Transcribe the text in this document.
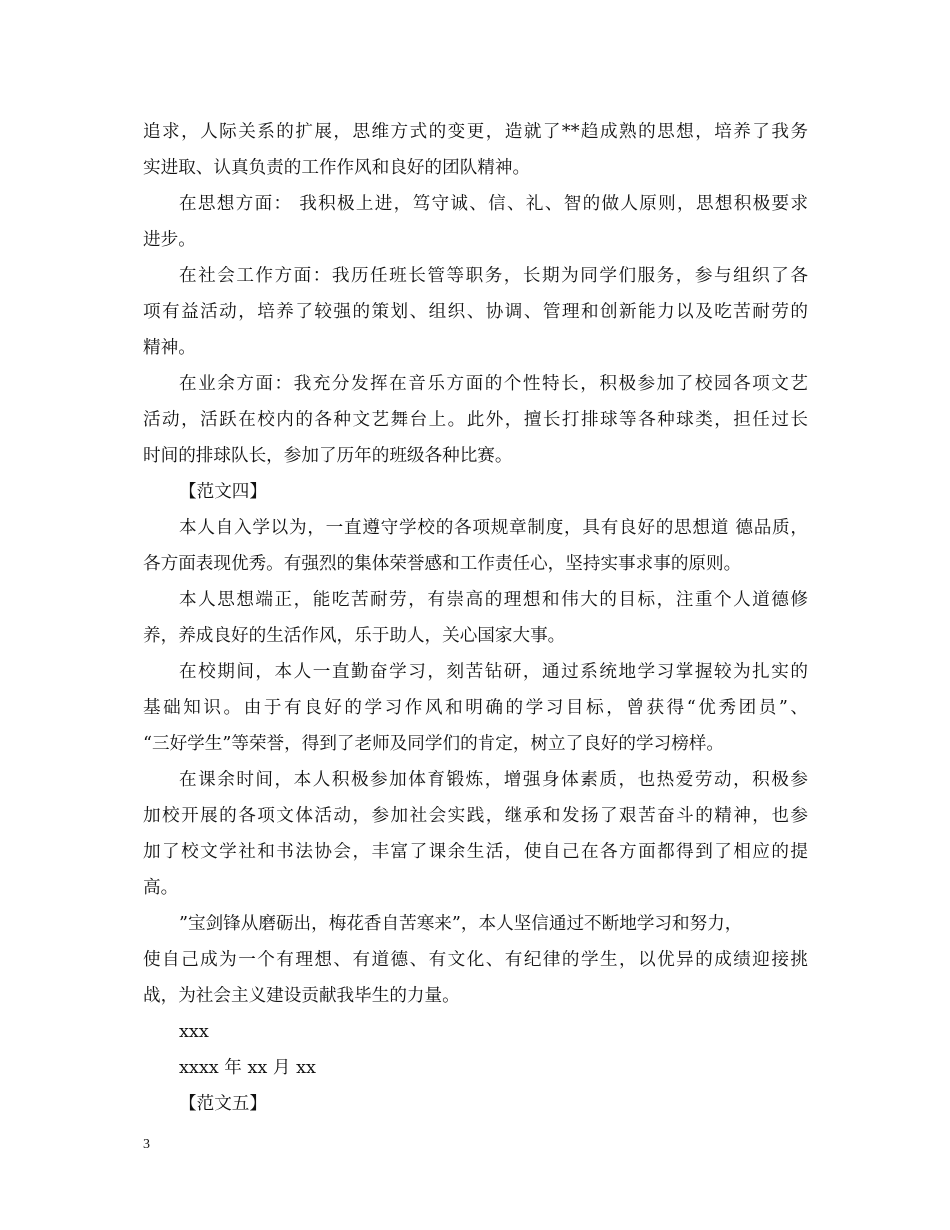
追求，人际关系的扩展，思维方式的变更，造就了**趋成熟的思想，培养了我务
实进取、认真负责的工作作风和良好的团队精神。
在思想方面： 我积极上进，笃守诚、信、礼、智的做人原则，思想积极要求
进步。
在社会工作方面：我历任班长管等职务，长期为同学们服务，参与组织了各
项有益活动，培养了较强的策划、组织、协调、管理和创新能力以及吃苦耐劳的
精神。
在业余方面：我充分发挥在音乐方面的个性特长，积极参加了校园各项文艺
活动，活跃在校内的各种文艺舞台上。此外，擅长打排球等各种球类，担任过长
时间的排球队长，参加了历年的班级各种比赛。
【范文四】
本人自入学以为，一直遵守学校的各项规章制度，具有良好的思想道 德品质，
各方面表现优秀。有强烈的集体荣誉感和工作责任心，坚持实事求事的原则。
本人思想端正，能吃苦耐劳，有崇高的理想和伟大的目标，注重个人道德修
养，养成良好的生活作风，乐于助人，关心国家大事。
在校期间，本人一直勤奋学习，刻苦钻研，通过系统地学习掌握较为扎实的
基础知识。由于有良好的学习作风和明确的学习目标，曾获得“优秀团员”、
“三好学生”等荣誉，得到了老师及同学们的肯定，树立了良好的学习榜样。
在课余时间，本人积极参加体育锻炼，增强身体素质，也热爱劳动，积极参
加校开展的各项文体活动，参加社会实践，继承和发扬了艰苦奋斗的精神，也参
加了校文学社和书法协会，丰富了课余生活，使自己在各方面都得到了相应的提
高。
”宝剑锋从磨砺出，梅花香自苦寒来”，本人坚信通过不断地学习和努力，
使自己成为一个有理想、有道德、有文化、有纪律的学生，以优异的成绩迎接挑
战，为社会主义建设贡献我毕生的力量。
xxx
xxxx 年 xx 月 xx
【范文五】
3
